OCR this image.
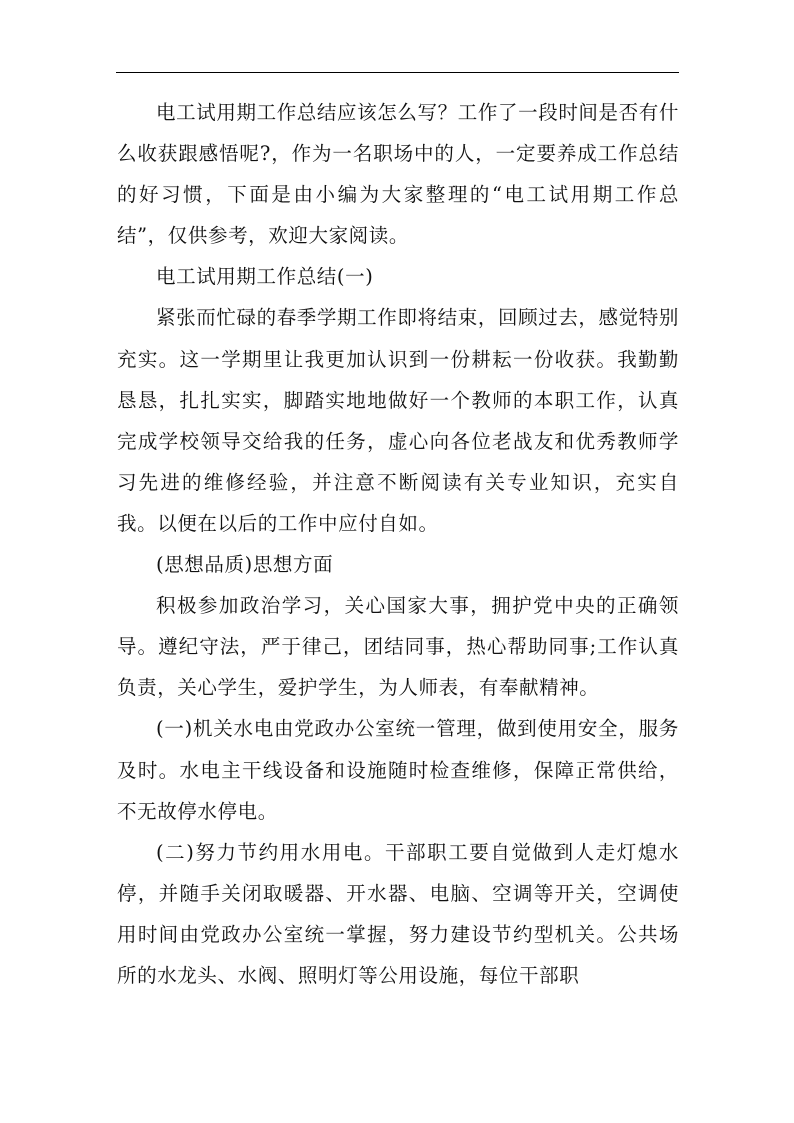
电工试用期工作总结应该怎么写？工作了一段时间是否有什么收获跟感悟呢?，作为一名职场中的人，一定要养成工作总结的好习惯，下面是由小编为大家整理的“电工试用期工作总结”，仅供参考，欢迎大家阅读。

电工试用期工作总结(一)

紧张而忙碌的春季学期工作即将结束，回顾过去，感觉特别充实。这一学期里让我更加认识到一份耕耘一份收获。我勤勤恳恳，扎扎实实，脚踏实地地做好一个教师的本职工作，认真完成学校领导交给我的任务，虚心向各位老战友和优秀教师学习先进的维修经验，并注意不断阅读有关专业知识，充实自我。以便在以后的工作中应付自如。

(思想品质)思想方面

积极参加政治学习，关心国家大事，拥护党中央的正确领导。遵纪守法，严于律己，团结同事，热心帮助同事;工作认真负责，关心学生，爱护学生，为人师表，有奉献精神。

(一)机关水电由党政办公室统一管理，做到使用安全，服务及时。水电主干线设备和设施随时检查维修，保障正常供给，不无故停水停电。

(二)努力节约用水用电。干部职工要自觉做到人走灯熄水停，并随手关闭取暖器、开水器、电脑、空调等开关，空调使用时间由党政办公室统一掌握，努力建设节约型机关。公共场所的水龙头、水阀、照明灯等公用设施，每位干部职
